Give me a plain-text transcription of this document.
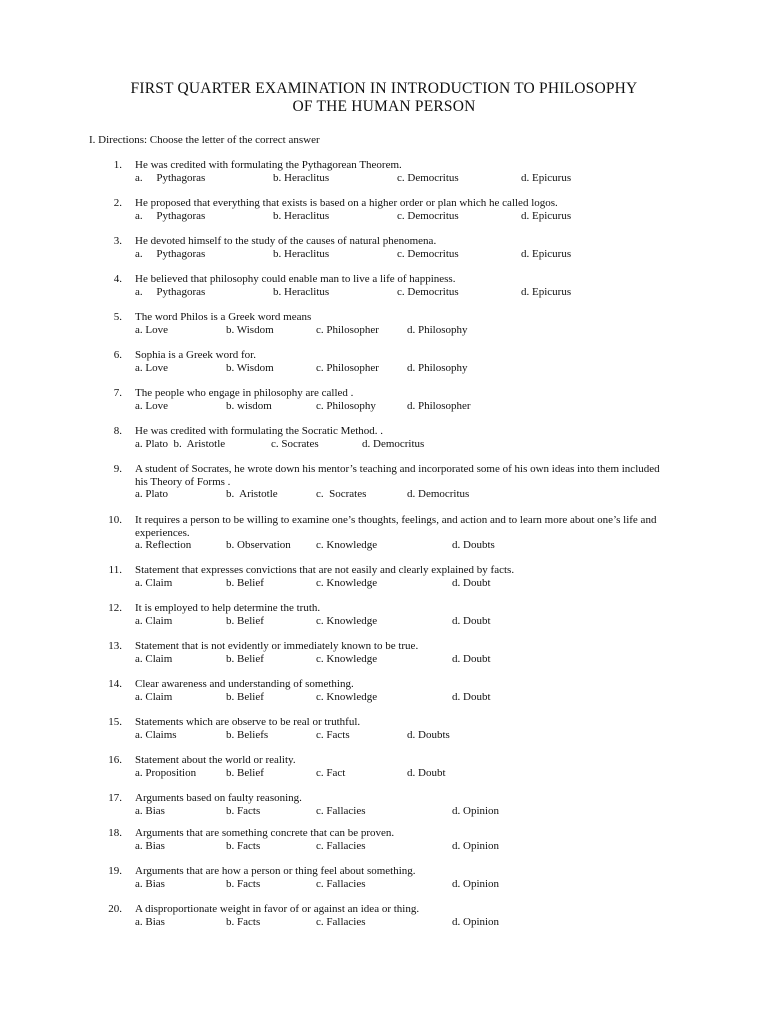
FIRST QUARTER EXAMINATION IN INTRODUCTION TO PHILOSOPHY
OF THE HUMAN PERSON
I. Directions: Choose the letter of the correct answer
1. He was credited with formulating the Pythagorean Theorem.
a.     Pythagoras	b. Heraclitus	c. Democritus	d. Epicurus
2. He proposed that everything that exists is based on a higher order or plan which he called logos.
a.     Pythagoras	b. Heraclitus	c. Democritus	d. Epicurus
3. He devoted himself to the study of the causes of natural phenomena.
a.     Pythagoras	b. Heraclitus	c. Democritus	d. Epicurus
4. He believed that philosophy could enable man to live a life of happiness.
a.     Pythagoras	b. Heraclitus	c. Democritus	d. Epicurus
5. The word Philos is a Greek word means
a. Love	b. Wisdom	c. Philosopher	d. Philosophy
6. Sophia is a Greek word for.
a. Love	b. Wisdom	c. Philosopher	d. Philosophy
7. The people who engage in philosophy are called .
a. Love	b. wisdom	c. Philosophy	d. Philosopher
8. He was credited with formulating the Socratic Method. .
a. Plato  b.  Aristotle	c. Socrates	d. Democritus
9. A student of Socrates, he wrote down his mentor’s teaching and incorporated some of his own ideas into them included his Theory of Forms .
a. Plato	b.  Aristotle	c.  Socrates	d. Democritus
10. It requires a person to be willing to examine one’s thoughts, feelings, and action and to learn more about one’s life and experiences.
a. Reflection	b. Observation c. Knowledge	d. Doubts
11. Statement that expresses convictions that are not easily and clearly explained by facts.
a. Claim	b. Belief	c. Knowledge	d. Doubt
12. It is employed to help determine the truth.
a. Claim	b. Belief	c. Knowledge	d. Doubt
13. Statement that is not evidently or immediately known to be true.
a. Claim	b. Belief	c. Knowledge	d. Doubt
14. Clear awareness and understanding of something.
a. Claim	b. Belief	c. Knowledge	d. Doubt
15. Statements which are observe to be real or truthful.
a. Claims	b. Beliefs	c. Facts	d. Doubts
16. Statement about the world or reality.
a. Proposition	b. Belief	c. Fact	d. Doubt
17. Arguments based on faulty reasoning.
a. Bias	b. Facts	c. Fallacies	d. Opinion
18. Arguments that are something concrete that can be proven.
a. Bias	b. Facts	c. Fallacies	d. Opinion
19. Arguments that are how a person or thing feel about something.
a. Bias	b. Facts	c. Fallacies	d. Opinion
20. A disproportionate weight in favor of or against an idea or thing.
a. Bias	b. Facts	c. Fallacies	d. Opinion
